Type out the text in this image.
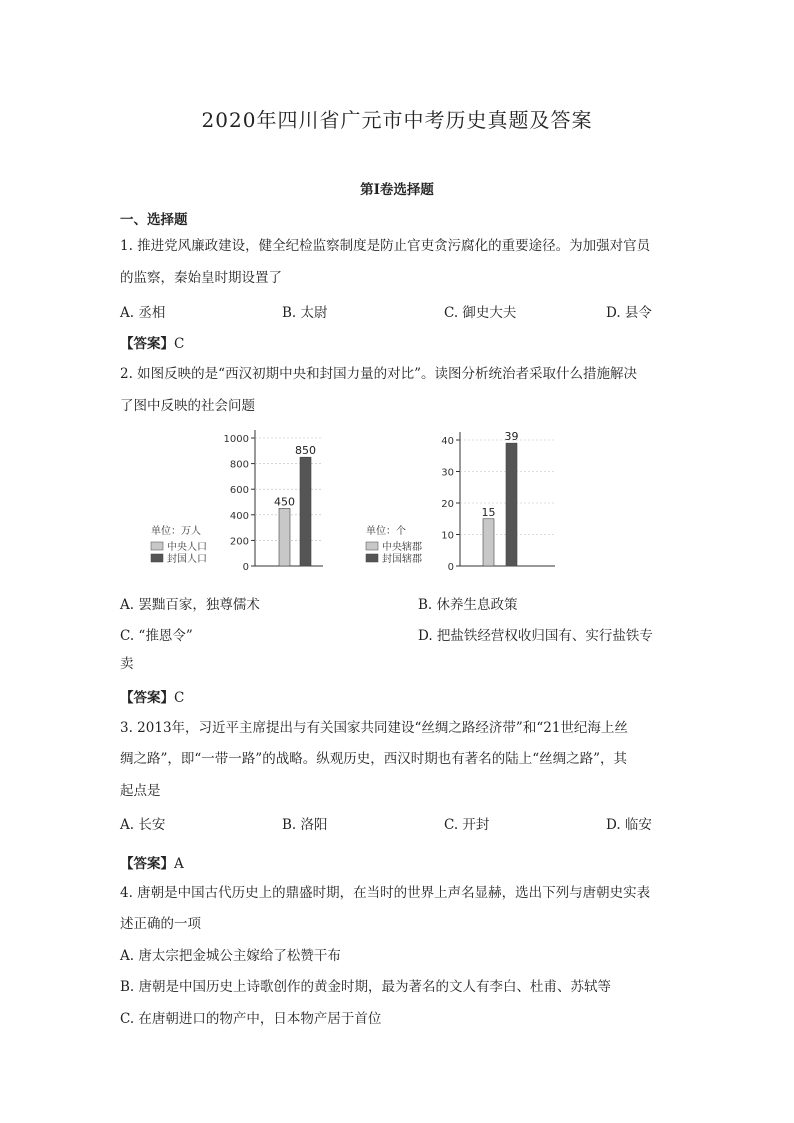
2020年四川省广元市中考历史真题及答案
第Ⅰ卷选择题
一、选择题
1. 推进党风廉政建设，健全纪检监察制度是防止官吏贪污腐化的重要途径。为加强对官员
的监察，秦始皇时期设置了
A. 丞相	B. 太尉	C. 御史大夫	D. 县令
【答案】C
2. 如图反映的是“西汉初期中央和封国力量的对比”。读图分析统治者采取什么措施解决
了图中反映的社会问题
0
200
400
600
800
1000
450
850
单位：万人
中央人口
封国人口
0
10
20
30
40
15
39
单位：个
中央辖郡
封国辖郡
A. 罢黜百家，独尊儒术	B. 休养生息政策
C. “推恩令”	D. 把盐铁经营权收归国有、实行盐铁专
卖
【答案】C
3. 2013年，习近平主席提出与有关国家共同建设“丝绸之路经济带”和“21世纪海上丝
绸之路”，即“一带一路”的战略。纵观历史，西汉时期也有著名的陆上“丝绸之路”，其
起点是
A. 长安	B. 洛阳	C. 开封	D. 临安
【答案】A
4. 唐朝是中国古代历史上的鼎盛时期，在当时的世界上声名显赫，选出下列与唐朝史实表
述正确的一项
A. 唐太宗把金城公主嫁给了松赞干布
B. 唐朝是中国历史上诗歌创作的黄金时期，最为著名的文人有李白、杜甫、苏轼等
C. 在唐朝进口的物产中，日本物产居于首位
